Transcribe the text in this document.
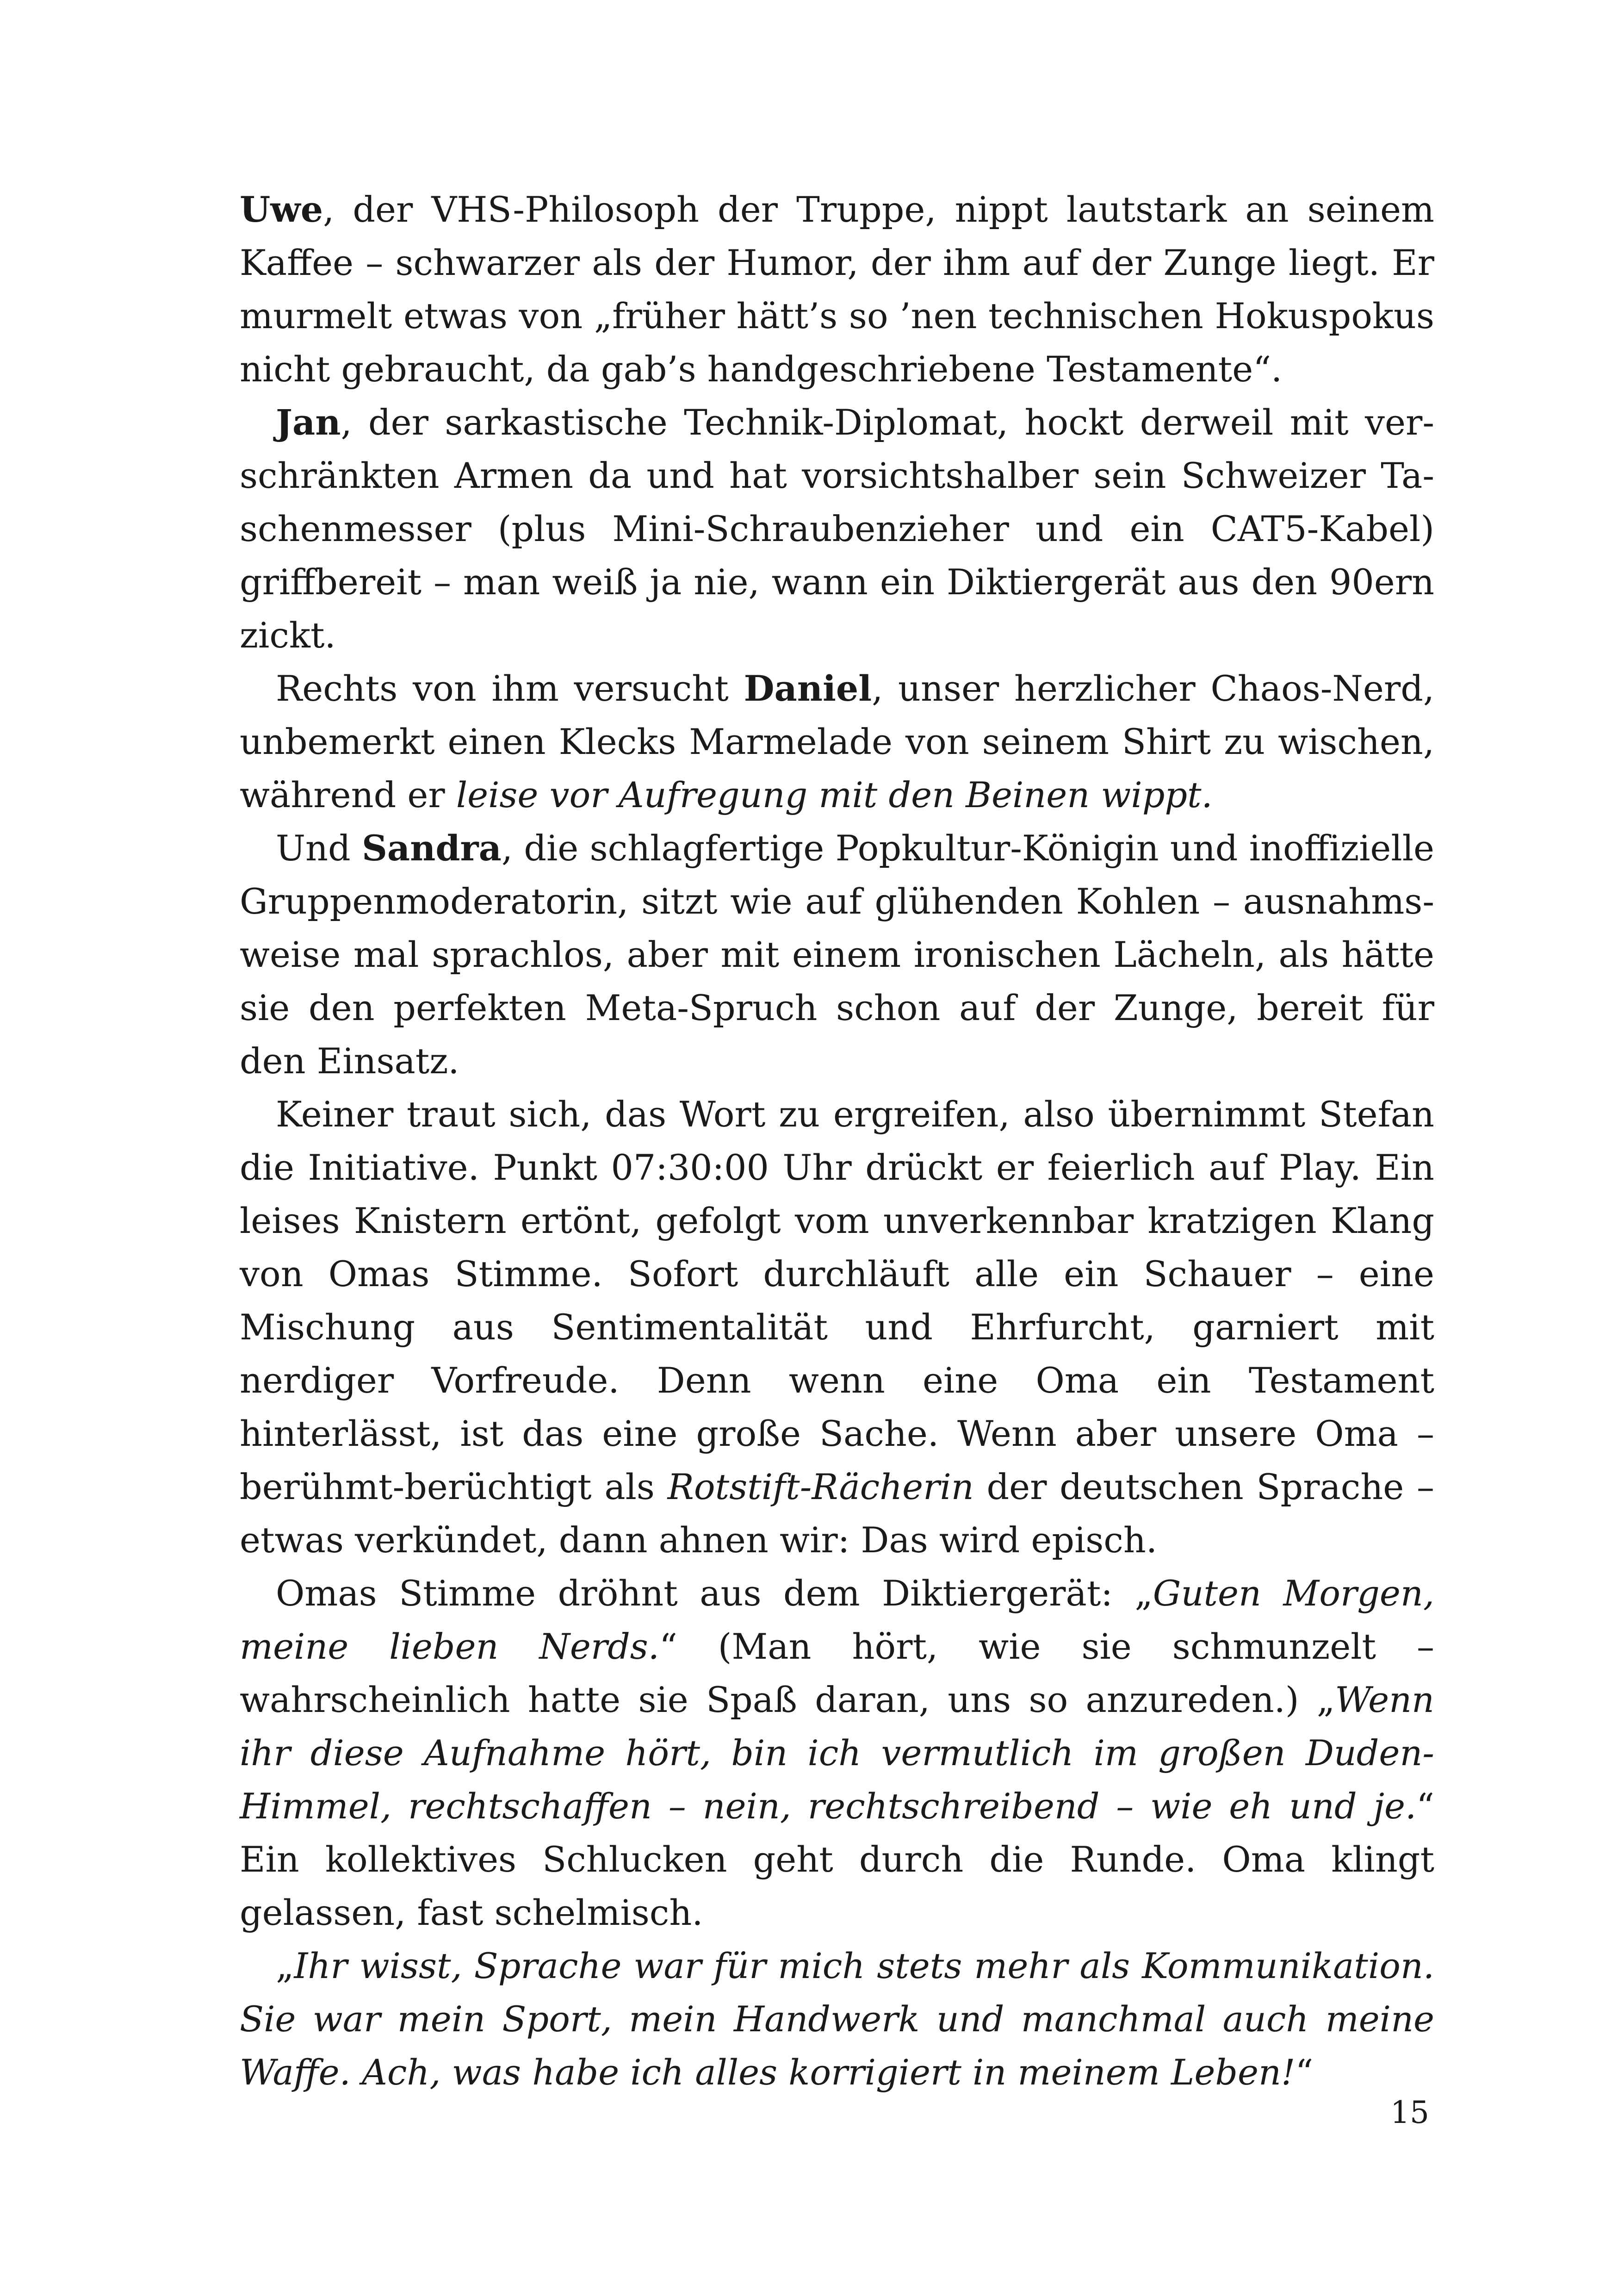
Uwe, der VHS-Philosoph der Truppe, nippt lautstark an seinem Kaffee – schwarzer als der Humor, der ihm auf der Zunge liegt. Er murmelt etwas von „früher hätt’s so ’nen technischen Hokuspokus nicht gebraucht, da gab’s handgeschriebene Testamente“.

Jan, der sarkastische Technik-Diplomat, hockt derweil mit verschränkten Armen da und hat vorsichtshalber sein Schweizer Taschenmesser (plus Mini-Schraubenzieher und ein CAT5-Kabel) griffbereit – man weiß ja nie, wann ein Diktiergerät aus den 90ern zickt.

Rechts von ihm versucht Daniel, unser herzlicher Chaos-Nerd, unbemerkt einen Klecks Marmelade von seinem Shirt zu wischen, während er leise vor Aufregung mit den Beinen wippt.

Und Sandra, die schlagfertige Popkultur-Königin und inoffizielle Gruppenmoderatorin, sitzt wie auf glühenden Kohlen – ausnahmsweise mal sprachlos, aber mit einem ironischen Lächeln, als hätte sie den perfekten Meta-Spruch schon auf der Zunge, bereit für den Einsatz.

Keiner traut sich, das Wort zu ergreifen, also übernimmt Stefan die Initiative. Punkt 07:30:00 Uhr drückt er feierlich auf Play. Ein leises Knistern ertönt, gefolgt vom unverkennbar kratzigen Klang von Omas Stimme. Sofort durchläuft alle ein Schauer – eine Mischung aus Sentimentalität und Ehrfurcht, garniert mit nerdiger Vorfreude. Denn wenn eine Oma ein Testament hinterlässt, ist das eine große Sache. Wenn aber unsere Oma – berühmt-berüchtigt als Rotstift-Rächerin der deutschen Sprache – etwas verkündet, dann ahnen wir: Das wird episch.

Omas Stimme dröhnt aus dem Diktiergerät: „Guten Morgen, meine lieben Nerds.“ (Man hört, wie sie schmunzelt – wahrscheinlich hatte sie Spaß daran, uns so anzureden.) „Wenn ihr diese Aufnahme hört, bin ich vermutlich im großen Duden-Himmel, rechtschaffen – nein, rechtschreibend – wie eh und je.“ Ein kollektives Schlucken geht durch die Runde. Oma klingt gelassen, fast schelmisch.

„Ihr wisst, Sprache war für mich stets mehr als Kommunikation. Sie war mein Sport, mein Handwerk und manchmal auch meine Waffe. Ach, was habe ich alles korrigiert in meinem Leben!“

15
